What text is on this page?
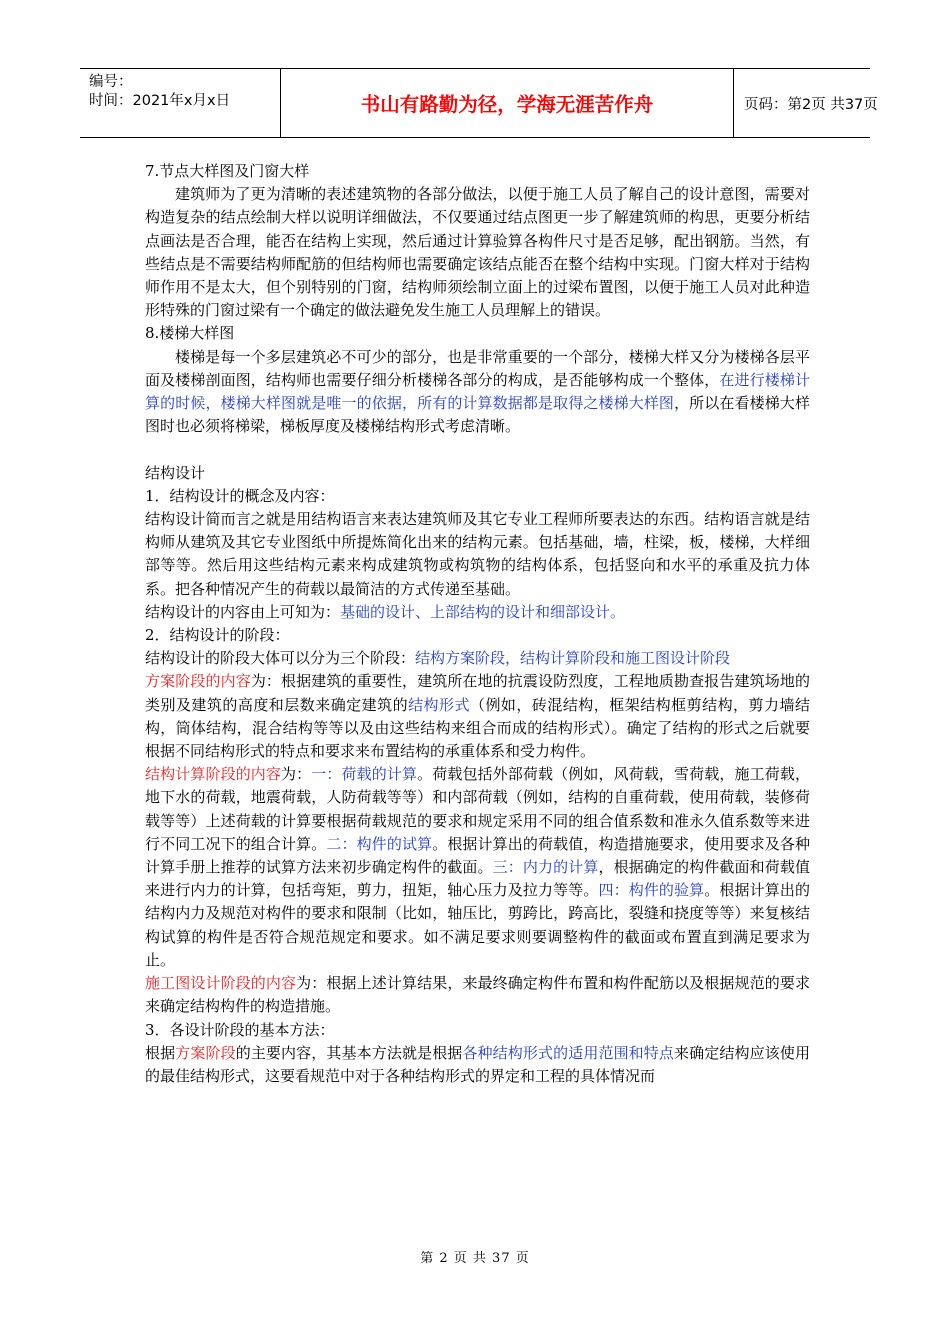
编号：
时间：2021年x月x日	书山有路勤为径，学海无涯苦作舟	页码：第2页 共37页

7.节点大样图及门窗大样

建筑师为了更为清晰的表述建筑物的各部分做法，以便于施工人员了解自己的设计意图，需要对构造复杂的结点绘制大样以说明详细做法，不仅要通过结点图更一步了解建筑师的构思，更要分析结点画法是否合理，能否在结构上实现，然后通过计算验算各构件尺寸是否足够，配出钢筋。当然，有些结点是不需要结构师配筋的但结构师也需要确定该结点能否在整个结构中实现。门窗大样对于结构师作用不是太大，但个别特别的门窗，结构师须绘制立面上的过梁布置图，以便于施工人员对此种造形特殊的门窗过梁有一个确定的做法避免发生施工人员理解上的错误。

8.楼梯大样图

楼梯是每一个多层建筑必不可少的部分，也是非常重要的一个部分，楼梯大样又分为楼梯各层平面及楼梯剖面图，结构师也需要仔细分析楼梯各部分的构成，是否能够构成一个整体，在进行楼梯计算的时候，楼梯大样图就是唯一的依据，所有的计算数据都是取得之楼梯大样图，所以在看楼梯大样图时也必须将梯梁，梯板厚度及楼梯结构形式考虑清晰。

结构设计

1．结构设计的概念及内容：

结构设计简而言之就是用结构语言来表达建筑师及其它专业工程师所要表达的东西。结构语言就是结构师从建筑及其它专业图纸中所提炼简化出来的结构元素。包括基础，墙，柱梁，板，楼梯，大样细部等等。然后用这些结构元素来构成建筑物或构筑物的结构体系，包括竖向和水平的承重及抗力体系。把各种情况产生的荷载以最简洁的方式传递至基础。

结构设计的内容由上可知为：基础的设计、上部结构的设计和细部设计。

2．结构设计的阶段：

结构设计的阶段大体可以分为三个阶段：结构方案阶段，结构计算阶段和施工图设计阶段

方案阶段的内容为：根据建筑的重要性，建筑所在地的抗震设防烈度，工程地质勘查报告建筑场地的类别及建筑的高度和层数来确定建筑的结构形式（例如，砖混结构，框架结构框剪结构，剪力墙结构，筒体结构，混合结构等等以及由这些结构来组合而成的结构形式）。确定了结构的形式之后就要根据不同结构形式的特点和要求来布置结构的承重体系和受力构件。

结构计算阶段的内容为：一：荷载的计算。荷载包括外部荷载（例如，风荷载，雪荷载，施工荷载，地下水的荷载，地震荷载，人防荷载等等）和内部荷载（例如，结构的自重荷载，使用荷载，装修荷载等等）上述荷载的计算要根据荷载规范的要求和规定采用不同的组合值系数和准永久值系数等来进行不同工况下的组合计算。二：构件的试算。根据计算出的荷载值，构造措施要求，使用要求及各种计算手册上推荐的试算方法来初步确定构件的截面。三：内力的计算，根据确定的构件截面和荷载值来进行内力的计算，包括弯矩，剪力，扭矩，轴心压力及拉力等等。四：构件的验算。根据计算出的结构内力及规范对构件的要求和限制（比如，轴压比，剪跨比，跨高比，裂缝和挠度等等）来复核结构试算的构件是否符合规范规定和要求。如不满足要求则要调整构件的截面或布置直到满足要求为止。

施工图设计阶段的内容为：根据上述计算结果，来最终确定构件布置和构件配筋以及根据规范的要求来确定结构构件的构造措施。

3．各设计阶段的基本方法：

根据方案阶段的主要内容，其基本方法就是根据各种结构形式的适用范围和特点来确定结构应该使用的最佳结构形式，这要看规范中对于各种结构形式的界定和工程的具体情况而

第 2 页 共 37 页
